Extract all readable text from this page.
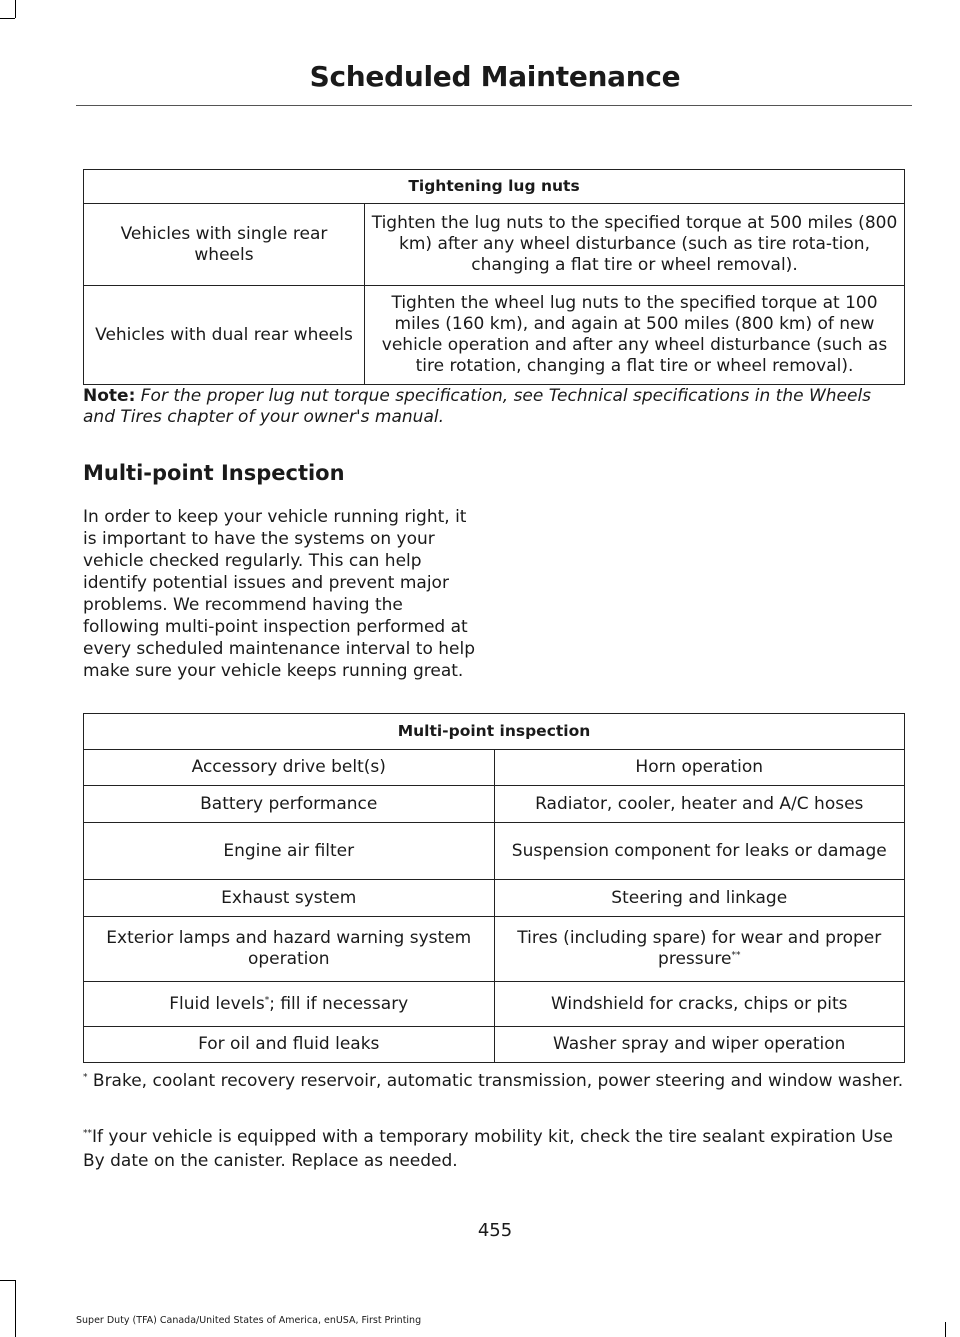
Scheduled Maintenance
Tightening lug nuts	
Vehicles with single rear wheels	Tighten the lug nuts to the specified torque at 500 miles (800 km) after any wheel disturbance (such as tire rota-tion, changing a flat tire or wheel removal).
Vehicles with dual rear wheels	Tighten the wheel lug nuts to the specified torque at 100 miles (160 km), and again at 500 miles (800 km) of new vehicle operation and after any wheel disturbance (such as tire rotation, changing a flat tire or wheel removal).
Note: For the proper lug nut torque specification, see Technical specifications in the Wheels and Tires chapter of your owner's manual.
Multi-point Inspection
In order to keep your vehicle running right, it is important to have the systems on your vehicle checked regularly. This can help identify potential issues and prevent major problems. We recommend having the following multi-point inspection performed at every scheduled maintenance interval to help make sure your vehicle keeps running great.
Multi-point inspection	
Accessory drive belt(s)	Horn operation
Battery performance	Radiator, cooler, heater and A/C hoses
Engine air filter	Suspension component for leaks or damage
Exhaust system	Steering and linkage
Exterior lamps and hazard warning system operation	Tires (including spare) for wear and proper pressure**
Fluid levels*; fill if necessary	Windshield for cracks, chips or pits
For oil and fluid leaks	Washer spray and wiper operation
* Brake, coolant recovery reservoir, automatic transmission, power steering and window washer.
**If your vehicle is equipped with a temporary mobility kit, check the tire sealant expiration Use By date on the canister. Replace as needed.
455
Super Duty (TFA) Canada/United States of America, enUSA, First Printing
